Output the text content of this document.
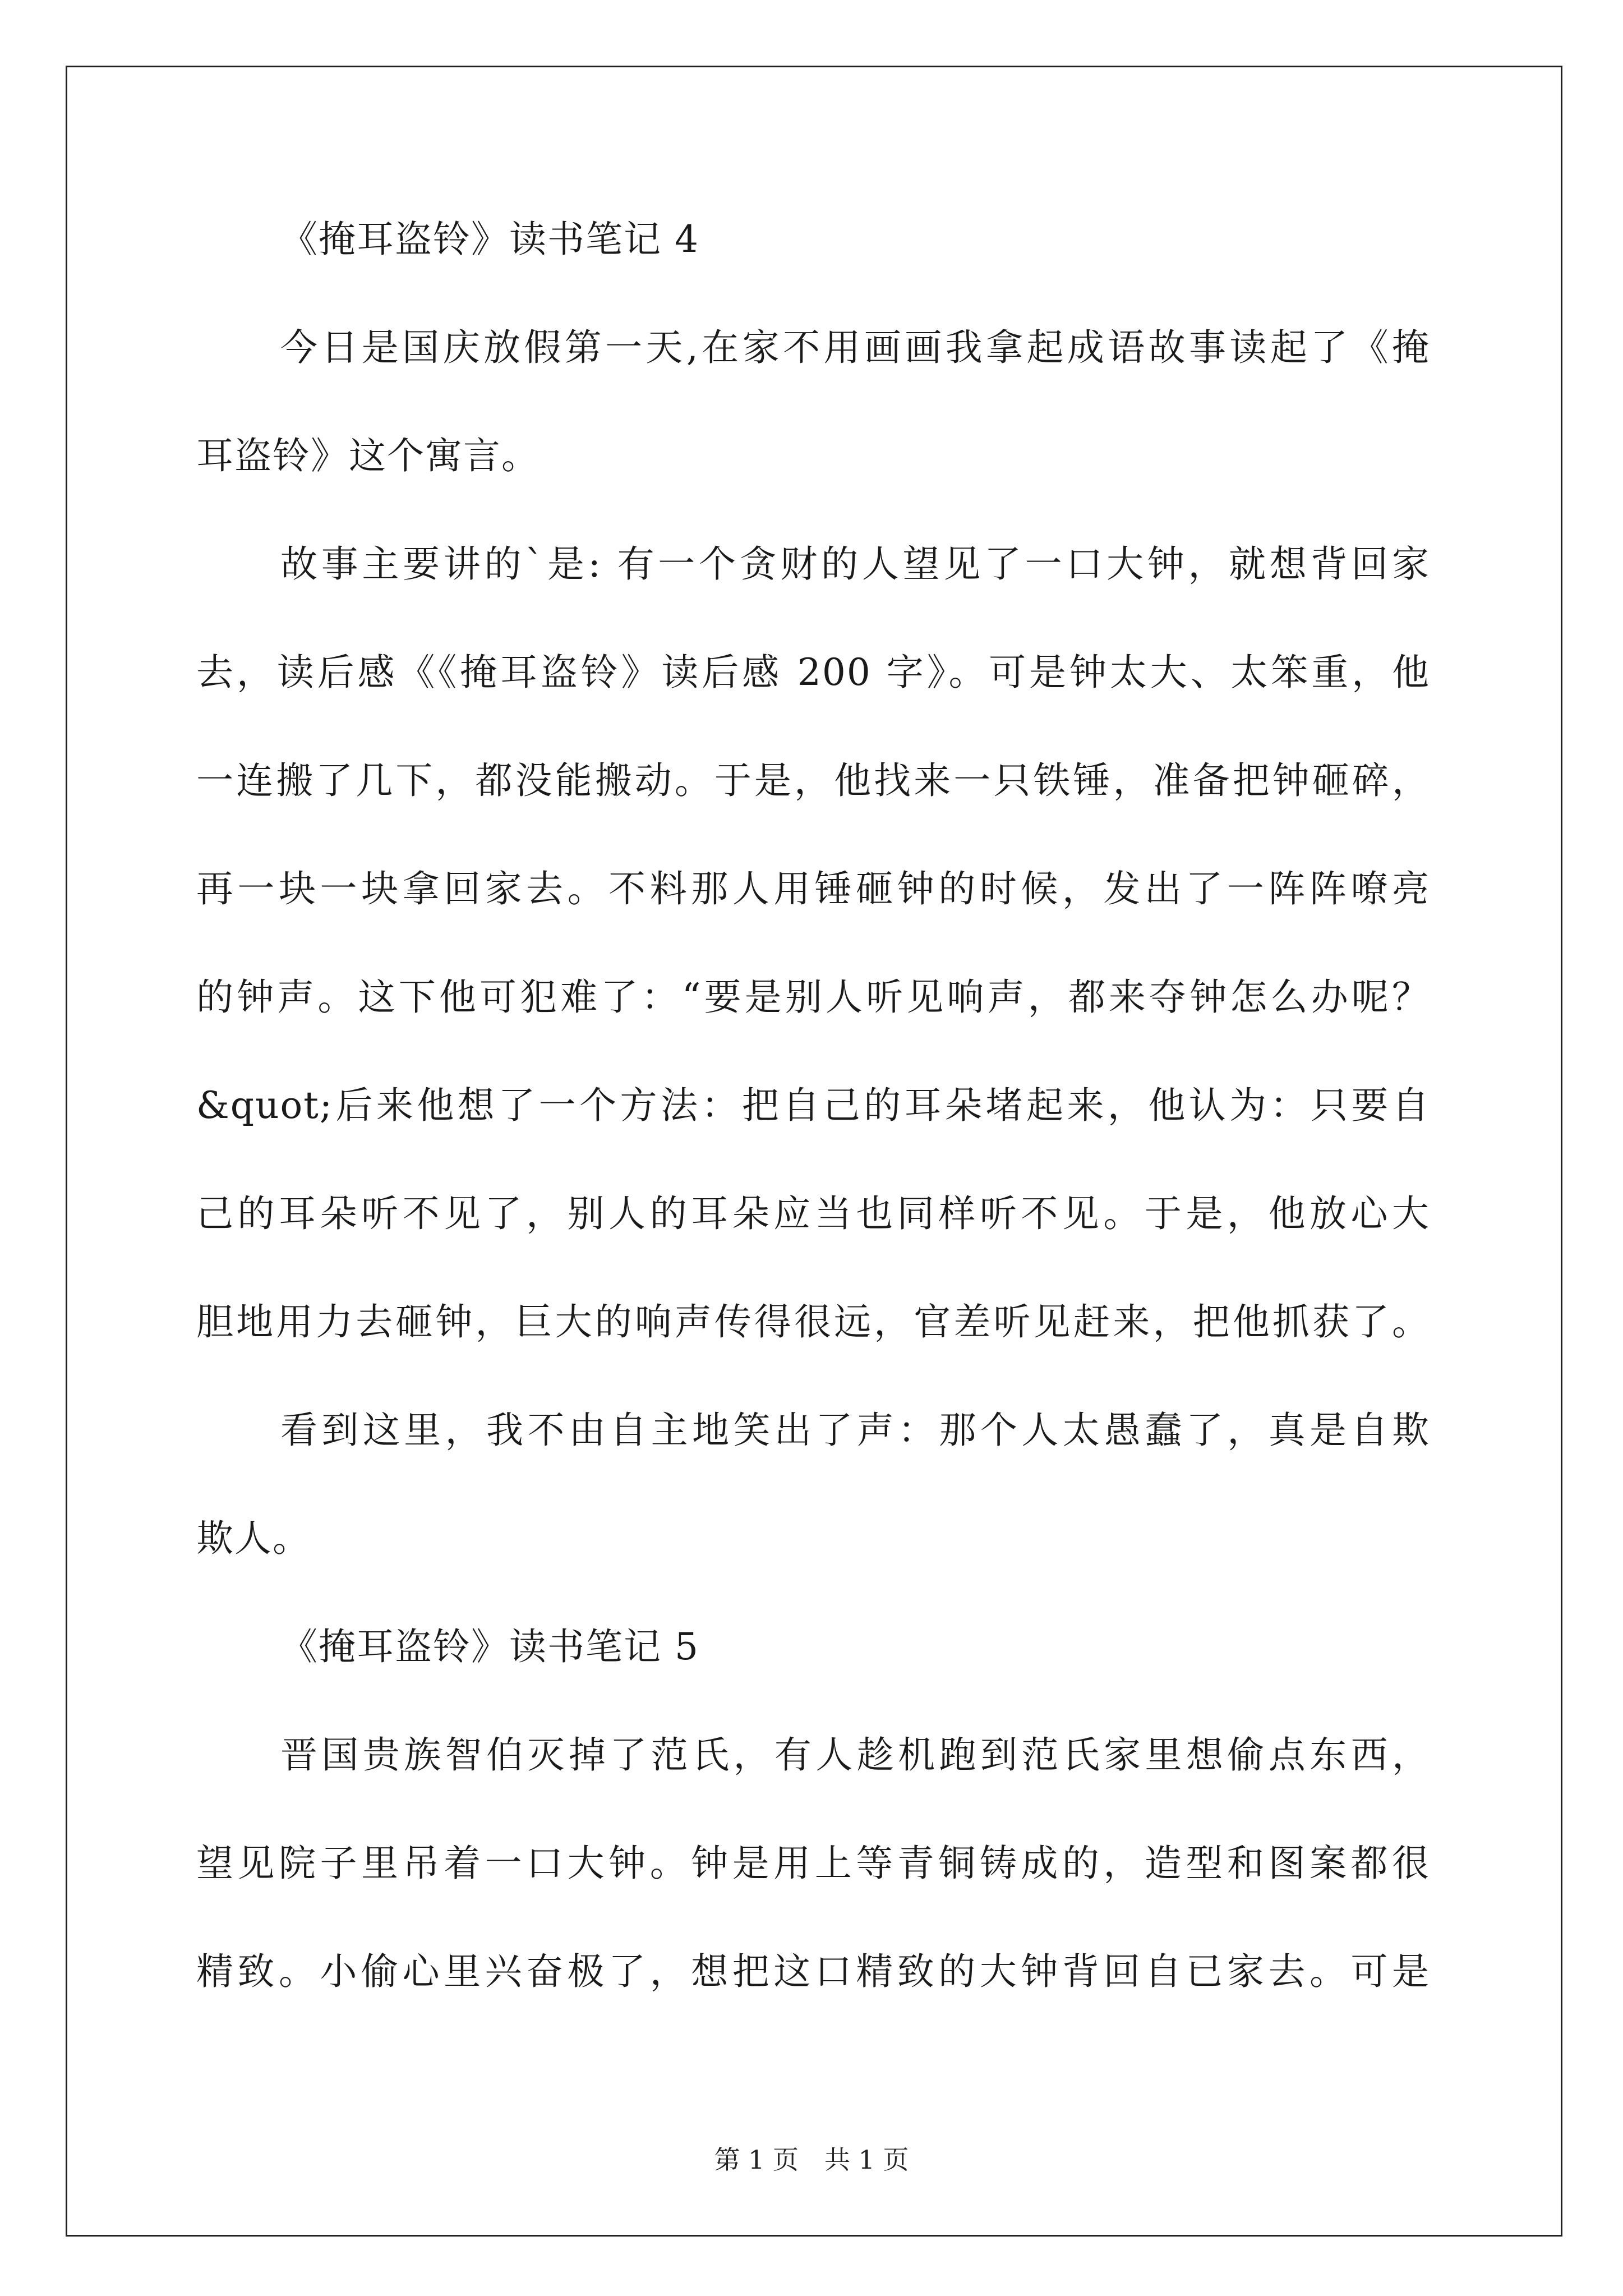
《掩耳盗铃》读书笔记 4
今日是国庆放假第一天,在家不用画画我拿起成语故事读起了《掩
耳盗铃》这个寓言。
故事主要讲的`是: 有一个贪财的人望见了一口大钟，就想背回家
去，读后感《《掩耳盗铃》读后感 200 字》。可是钟太大、太笨重，他
一连搬了几下，都没能搬动。于是，他找来一只铁锤，准备把钟砸碎，
再一块一块拿回家去。不料那人用锤砸钟的时候，发出了一阵阵嘹亮
的钟声。这下他可犯难了：“要是别人听见响声，都来夺钟怎么办呢？
&quot;后来他想了一个方法：把自己的耳朵堵起来，他认为：只要自
己的耳朵听不见了，别人的耳朵应当也同样听不见。于是，他放心大
胆地用力去砸钟，巨大的响声传得很远，官差听见赶来，把他抓获了。
看到这里，我不由自主地笑出了声：那个人太愚蠢了，真是自欺
欺人。
《掩耳盗铃》读书笔记 5
晋国贵族智伯灭掉了范氏，有人趁机跑到范氏家里想偷点东西，
望见院子里吊着一口大钟。钟是用上等青铜铸成的，造型和图案都很
精致。小偷心里兴奋极了，想把这口精致的大钟背回自已家去。可是
第 1 页　共 1 页
